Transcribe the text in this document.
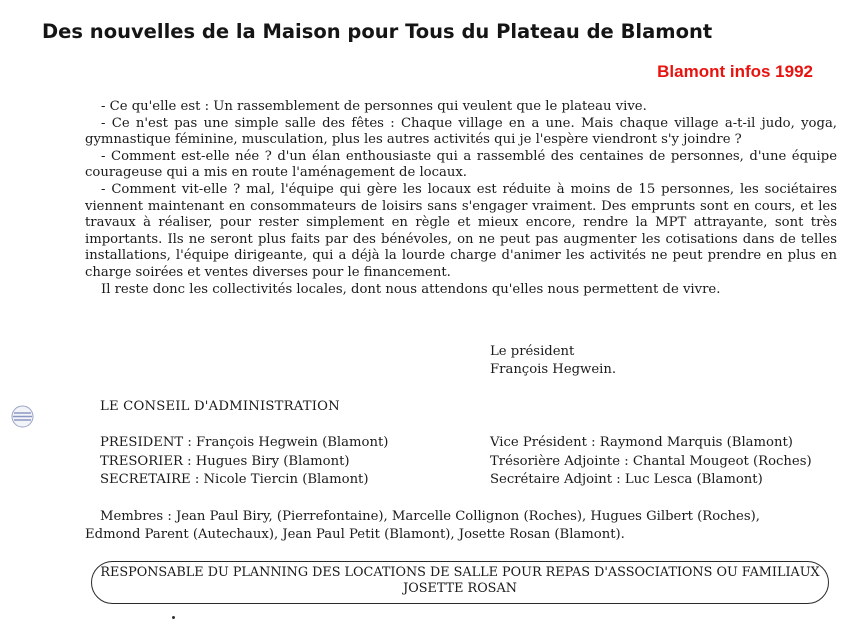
Des nouvelles de la Maison pour Tous du Plateau de Blamont
Blamont infos 1992

- Ce qu'elle est : Un rassemblement de personnes qui veulent que le plateau vive.

- Ce n'est pas une simple salle des fêtes : Chaque village en a une. Mais chaque village a-t-il judo, yoga, gymnastique féminine, musculation, plus les autres activités qui je l'espère viendront s'y joindre ?

- Comment est-elle née ? d'un élan enthousiaste qui a rassemblé des centaines de personnes, d'une équipe courageuse qui a mis en route l'aménagement de locaux.

- Comment vit-elle ? mal, l'équipe qui gère les locaux est réduite à moins de 15 personnes, les sociétaires viennent maintenant en consommateurs de loisirs sans s'engager vraiment. Des emprunts sont en cours, et les travaux à réaliser, pour rester simplement en règle et mieux encore, rendre la MPT attrayante, sont très importants. Ils ne seront plus faits par des bénévoles, on ne peut pas augmenter les cotisations dans de telles installations, l'équipe dirigeante, qui a déjà la lourde charge d'animer les activités ne peut prendre en plus en charge soirées et ventes diverses pour le financement.

Il reste donc les collectivités locales, dont nous attendons qu'elles nous permettent de vivre.

Le président
François Hegwein.
LE CONSEIL D'ADMINISTRATION
PRESIDENT : François Hegwein (Blamont)
TRESORIER : Hugues Biry (Blamont)
SECRETAIRE : Nicole Tiercin (Blamont)
Vice Président : Raymond Marquis (Blamont)
Trésorière Adjointe : Chantal Mougeot (Roches)
Secrétaire Adjoint : Luc Lesca (Blamont)

Membres : Jean Paul Biry, (Pierrefontaine), Marcelle Collignon (Roches), Hugues Gilbert (Roches), Edmond Parent (Autechaux), Jean Paul Petit (Blamont), Josette Rosan (Blamont).

RESPONSABLE DU PLANNING DES LOCATIONS DE SALLE POUR REPAS D'ASSOCIATIONS OU FAMILIAUX
JOSETTE ROSAN
